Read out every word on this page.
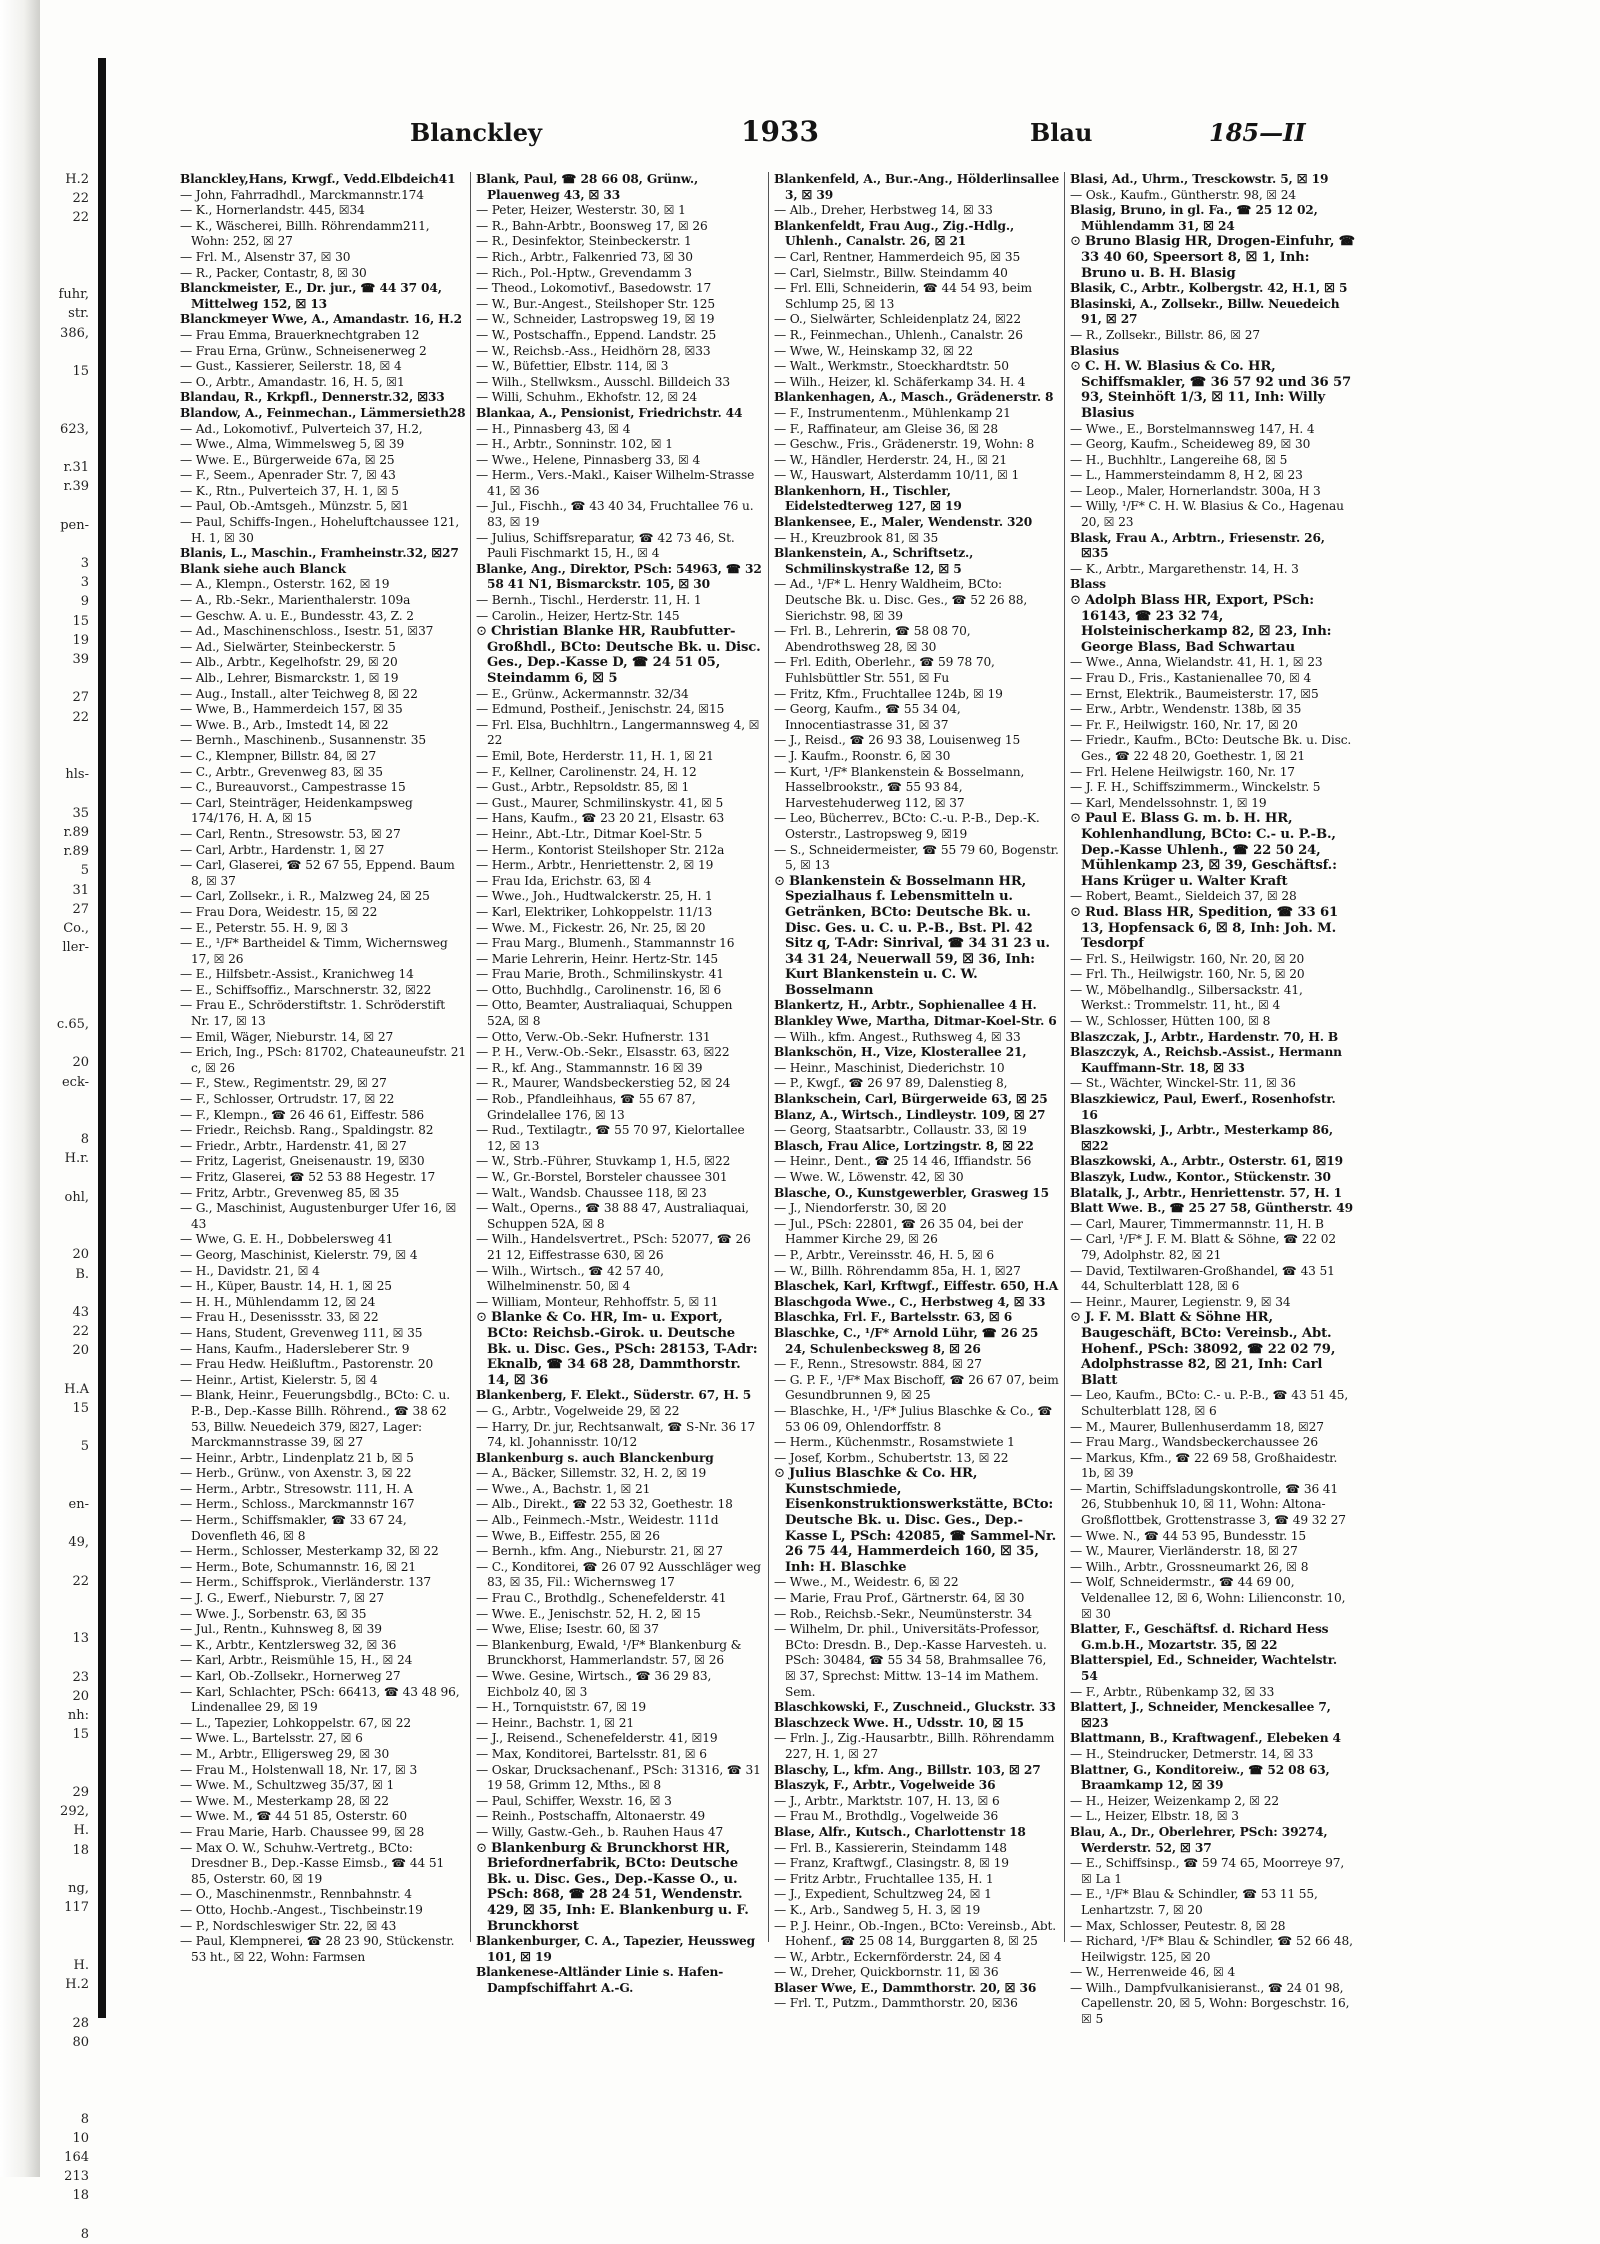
H.2
22
22

fuhr,
str.
386,

15

623,

r.31
r.39

pen-

3
3
9
15
19
39

27
22

hls-

35
r.89
r.89
5
31
27
Co.,
ller-

c.65,

20
eck-

8
H.r.

ohl,

20
B.

43
22
20

H.A
15

5

en-

49,

22

13

23
20
nh:
15

29
292,
H.
18

ng,
117

H.
H.2

28
80

8
10
164
213
18

8
Blanckley	1933	Blau	185—II
Blanckley,Hans, Krwgf., Vedd.Elbdeich41
— John, Fahrradhdl., Marckmannstr.174
— K., Hornerlandstr. 445, ☒34
— K., Wäscherei, Billh. Röhrendamm211, Wohn: 252, ☒ 27
— Frl. M., Alsenstr 37, ☒ 30
— R., Packer, Contastr, 8, ☒ 30
Blanckmeister, E., Dr. jur., ☎ 44 37 04, Mittelweg 152, ☒ 13
Blanckmeyer Wwe, A., Amandastr. 16, H.2
— Frau Emma, Brauerknechtgraben 12
— Frau Erna, Grünw., Schneisenerweg 2
— Gust., Kassierer, Seilerstr. 18, ☒ 4
— O., Arbtr., Amandastr. 16, H. 5, ☒1
Blandau, R., Krkpfl., Dennerstr.32, ☒33
Blandow, A., Feinmechan., Lämmersieth28
— Ad., Lokomotivf., Pulverteich 37, H.2,
— Wwe., Alma, Wimmelsweg 5, ☒ 39
— Wwe. E., Bürgerweide 67a, ☒ 25
— F., Seem., Apenrader Str. 7, ☒ 43
— K., Rtn., Pulverteich 37, H. 1, ☒ 5
— Paul, Ob.-Amtsgeh., Münzstr. 5, ☒1
— Paul, Schiffs-Ingen., Hoheluftchaussee 121, H. 1, ☒ 30
Blanis, L., Maschin., Framheinstr.32, ☒27
Blank siehe auch Blanck
— A., Klempn., Osterstr. 162, ☒ 19
— A., Rb.-Sekr., Marienthalerstr. 109a
— Geschw. A. u. E., Bundesstr. 43, Z. 2
— Ad., Maschinenschloss., Isestr. 51, ☒37
— Ad., Sielwärter, Steinbeckerstr. 5
— Alb., Arbtr., Kegelhofstr. 29, ☒ 20
— Alb., Lehrer, Bismarckstr. 1, ☒ 19
— Aug., Install., alter Teichweg 8, ☒ 22
— Wwe, B., Hammerdeich 157, ☒ 35
— Wwe. B., Arb., Imstedt 14, ☒ 22
— Bernh., Maschinenb., Susannenstr. 35
— C., Klempner, Billstr. 84, ☒ 27
— C., Arbtr., Grevenweg 83, ☒ 35
— C., Bureauvorst., Campestrasse 15
— Carl, Steinträger, Heidenkampsweg 174/176, H. A, ☒ 15
— Carl, Rentn., Stresowstr. 53, ☒ 27
— Carl, Arbtr., Hardenstr. 1, ☒ 27
— Carl, Glaserei, ☎ 52 67 55, Eppend. Baum 8, ☒ 37
— Carl, Zollsekr., i. R., Malzweg 24, ☒ 25
— Frau Dora, Weidestr. 15, ☒ 22
— E., Peterstr. 55. H. 9, ☒ 3
— E., ¹/F* Bartheidel & Timm, Wichernsweg 17, ☒ 26
— E., Hilfsbetr.-Assist., Kranichweg 14
— E., Schiffsoffiz., Marschnerstr. 32, ☒22
— Frau E., Schröderstiftstr. 1. Schröderstift Nr. 17, ☒ 13
— Emil, Wäger, Nieburstr. 14, ☒ 27
— Erich, Ing., PSch: 81702, Chateauneufstr. 21 c, ☒ 26
— F., Stew., Regimentstr. 29, ☒ 27
— F., Schlosser, Ortrudstr. 17, ☒ 22
— F., Klempn., ☎ 26 46 61, Eiffestr. 586
— Friedr., Reichsb. Rang., Spaldingstr. 82
— Friedr., Arbtr., Hardenstr. 41, ☒ 27
— Fritz, Lagerist, Gneisenaustr. 19, ☒30
— Fritz, Glaserei, ☎ 52 53 88 Hegestr. 17
— Fritz, Arbtr., Grevenweg 85, ☒ 35
— G., Maschinist, Augustenburger Ufer 16, ☒ 43
— Wwe, G. E. H., Dobbelersweg 41
— Georg, Maschinist, Kielerstr. 79, ☒ 4
— H., Davidstr. 21, ☒ 4
— H., Küper, Baustr. 14, H. 1, ☒ 25
— H. H., Mühlendamm 12, ☒ 24
— Frau H., Desenissstr. 33, ☒ 22
— Hans, Student, Grevenweg 111, ☒ 35
— Hans, Kaufm., Hadersleberer Str. 9
— Frau Hedw. Heißluftm., Pastorenstr. 20
— Heinr., Artist, Kielerstr. 5, ☒ 4
— Blank, Heinr., Feuerungsbdlg., BCto: C. u. P.-B., Dep.-Kasse Billh. Röhrend., ☎ 38 62 53, Billw. Neuedeich 379, ☒27, Lager: Marckmannstrasse 39, ☒ 27
— Heinr., Arbtr., Lindenplatz 21 b, ☒ 5
— Herb., Grünw., von Axenstr. 3, ☒ 22
— Herm., Arbtr., Stresowstr. 111, H. A
— Herm., Schloss., Marckmannstr 167
— Herm., Schiffsmakler, ☎ 33 67 24, Dovenfleth 46, ☒ 8
— Herm., Schlosser, Mesterkamp 32, ☒ 22
— Herm., Bote, Schumannstr. 16, ☒ 21
— Herm., Schiffsprok., Vierländerstr. 137
— J. G., Ewerf., Nieburstr. 7, ☒ 27
— Wwe. J., Sorbenstr. 63, ☒ 35
— Jul., Rentn., Kuhnsweg 8, ☒ 39
— K., Arbtr., Kentzlersweg 32, ☒ 36
— Karl, Arbtr., Reismühle 15, H., ☒ 24
— Karl, Ob.-Zollsekr., Hornerweg 27
— Karl, Schlachter, PSch: 66413, ☎ 43 48 96, Lindenallee 29, ☒ 19
— L., Tapezier, Lohkoppelstr. 67, ☒ 22
— Wwe. L., Bartelsstr. 27, ☒ 6
— M., Arbtr., Elligersweg 29, ☒ 30
— Frau M., Holstenwall 18, Nr. 17, ☒ 3
— Wwe. M., Schultzweg 35/37, ☒ 1
— Wwe. M., Mesterkamp 28, ☒ 22
— Wwe. M., ☎ 44 51 85, Osterstr. 60
— Frau Marie, Harb. Chaussee 99, ☒ 28
— Max O. W., Schuhw.-Vertretg., BCto: Dresdner B., Dep.-Kasse Eimsb., ☎ 44 51 85, Osterstr. 60, ☒ 19
— O., Maschinenmstr., Rennbahnstr. 4
— Otto, Hochb.-Angest., Tischbeinstr.19
— P., Nordschleswiger Str. 22, ☒ 43
— Paul, Klempnerei, ☎ 28 23 90, Stückenstr. 53 ht., ☒ 22, Wohn: Farmsen
Blank, Paul, ☎ 28 66 08, Grünw., Plauenweg 43, ☒ 33
— Peter, Heizer, Westerstr. 30, ☒ 1
— R., Bahn-Arbtr., Boonsweg 17, ☒ 26
— R., Desinfektor, Steinbeckerstr. 1
— Rich., Arbtr., Falkenried 73, ☒ 30
— Rich., Pol.-Hptw., Grevendamm 3
— Theod., Lokomotivf., Basedowstr. 17
— W., Bur.-Angest., Steilshoper Str. 125
— W., Schneider, Lastropsweg 19, ☒ 19
— W., Postschaffn., Eppend. Landstr. 25
— W., Reichsb.-Ass., Heidhörn 28, ☒33
— W., Büfettier, Elbstr. 114, ☒ 3
— Wilh., Stellwksm., Ausschl. Billdeich 33
— Willi, Schuhm., Ekhofstr. 12, ☒ 24
Blankaa, A., Pensionist, Friedrichstr. 44
— H., Pinnasberg 43, ☒ 4
— H., Arbtr., Sonninstr. 102, ☒ 1
— Wwe., Helene, Pinnasberg 33, ☒ 4
— Herm., Vers.-Makl., Kaiser Wilhelm-Strasse 41, ☒ 36
— Jul., Fischh., ☎ 43 40 34, Fruchtallee 76 u. 83, ☒ 19
— Julius, Schiffsreparatur, ☎ 42 73 46, St. Pauli Fischmarkt 15, H., ☒ 4
Blanke, Ang., Direktor, PSch: 54963, ☎ 32 58 41 N1, Bismarckstr. 105, ☒ 30
— Bernh., Tischl., Herderstr. 11, H. 1
— Carolin., Heizer, Hertz-Str. 145
⊙ Christian Blanke HR, Raubfutter-Großhdl., BCto: Deutsche Bk. u. Disc. Ges., Dep.-Kasse D, ☎ 24 51 05, Steindamm 6, ☒ 5
— E., Grünw., Ackermannstr. 32/34
— Edmund, Postheif., Jenischstr. 24, ☒15
— Frl. Elsa, Buchhltrn., Langermannsweg 4, ☒ 22
— Emil, Bote, Herderstr. 11, H. 1, ☒ 21
— F., Kellner, Carolinenstr. 24, H. 12
— Gust., Arbtr., Repsoldstr. 85, ☒ 1
— Gust., Maurer, Schmilinskystr. 41, ☒ 5
— Hans, Kaufm., ☎ 23 20 21, Elsastr. 63
— Heinr., Abt.-Ltr., Ditmar Koel-Str. 5
— Herm., Kontorist Steilshoper Str. 212a
— Herm., Arbtr., Henriettenstr. 2, ☒ 19
— Frau Ida, Erichstr. 63, ☒ 4
— Wwe., Joh., Hudtwalckerstr. 25, H. 1
— Karl, Elektriker, Lohkoppelstr. 11/13
— Wwe. M., Fickestr. 26, Nr. 25, ☒ 20
— Frau Marg., Blumenh., Stammannstr 16
— Marie Lehrerin, Heinr. Hertz-Str. 145
— Frau Marie, Broth., Schmilinskystr. 41
— Otto, Buchhdlg., Carolinenstr. 16, ☒ 6
— Otto, Beamter, Australiaquai, Schuppen 52A, ☒ 8
— Otto, Verw.-Ob.-Sekr. Hufnerstr. 131
— P. H., Verw.-Ob.-Sekr., Elsasstr. 63, ☒22
— R., kf. Ang., Stammannstr. 16 ☒ 39
— R., Maurer, Wandsbeckerstieg 52, ☒ 24
— Rob., Pfandleihhaus, ☎ 55 67 87, Grindelallee 176, ☒ 13
— Rud., Textilagtr., ☎ 55 70 97, Kielortallee 12, ☒ 13
— W., Strb.-Führer, Stuvkamp 1, H.5, ☒22
— W., Gr.-Borstel, Borsteler chaussee 301
— Walt., Wandsb. Chaussee 118, ☒ 23
— Walt., Operns., ☎ 38 88 47, Australiaquai, Schuppen 52A, ☒ 8
— Wilh., Handelsvertret., PSch: 52077, ☎ 26 21 12, Eiffestrasse 630, ☒ 26
— Wilh., Wirtsch., ☎ 42 57 40, Wilhelminenstr. 50, ☒ 4
— William, Monteur, Rehhoffstr. 5, ☒ 11
⊙ Blanke & Co. HR, Im- u. Export, BCto: Reichsb.-Girok. u. Deutsche Bk. u. Disc. Ges., PSch: 28153, T-Adr: Eknalb, ☎ 34 68 28, Dammthorstr. 14, ☒ 36
Blankenberg, F. Elekt., Süderstr. 67, H. 5
— G., Arbtr., Vogelweide 29, ☒ 22
— Harry, Dr. jur, Rechtsanwalt, ☎ S-Nr. 36 17 74, kl. Johannisstr. 10/12
Blankenburg s. auch Blanckenburg
— A., Bäcker, Sillemstr. 32, H. 2, ☒ 19
— Wwe., A., Bachstr. 1, ☒ 21
— Alb., Direkt., ☎ 22 53 32, Goethestr. 18
— Alb., Feinmech.-Mstr., Weidestr. 111d
— Wwe, B., Eiffestr. 255, ☒ 26
— Bernh., kfm. Ang., Nieburstr. 21, ☒ 27
— C., Konditorei, ☎ 26 07 92 Ausschläger weg 83, ☒ 35, Fil.: Wichernsweg 17
— Frau C., Brothdlg., Schenefelderstr. 41
— Wwe. E., Jenischstr. 52, H. 2, ☒ 15
— Wwe, Elise; Isestr. 60, ☒ 37
— Blankenburg, Ewald, ¹/F* Blankenburg & Brunckhorst, Hammerlandstr. 57, ☒ 26
— Wwe. Gesine, Wirtsch., ☎ 36 29 83, Eichbolz 40, ☒ 3
— H., Tornquiststr. 67, ☒ 19
— Heinr., Bachstr. 1, ☒ 21
— J., Reisend., Schenefelderstr. 41, ☒19
— Max, Konditorei, Bartelsstr. 81, ☒ 6
— Oskar, Drucksachenanf., PSch: 31316, ☎ 31 19 58, Grimm 12, Mths., ☒ 8
— Paul, Schiffer, Wexstr. 16, ☒ 3
— Reinh., Postschaffn, Altonaerstr. 49
— Willy, Gastw.-Geh., b. Rauhen Haus 47
⊙ Blankenburg & Brunckhorst HR, Briefordnerfabrik, BCto: Deutsche Bk. u. Disc. Ges., Dep.-Kasse O., u. PSch: 868, ☎ 28 24 51, Wendenstr. 429, ☒ 35, Inh: E. Blankenburg u. F. Brunckhorst
Blankenburger, C. A., Tapezier, Heussweg 101, ☒ 19
Blankenese-Altländer Linie s. Hafen-Dampfschiffahrt A.-G.
Blankenfeld, A., Bur.-Ang., Hölderlinsallee 3, ☒ 39
— Alb., Dreher, Herbstweg 14, ☒ 33
Blankenfeldt, Frau Aug., Zig.-Hdlg., Uhlenh., Canalstr. 26, ☒ 21
— Carl, Rentner, Hammerdeich 95, ☒ 35
— Carl, Sielmstr., Billw. Steindamm 40
— Frl. Elli, Schneiderin, ☎ 44 54 93, beim Schlump 25, ☒ 13
— O., Sielwärter, Schleidenplatz 24, ☒22
— R., Feinmechan., Uhlenh., Canalstr. 26
— Wwe, W., Heinskamp 32, ☒ 22
— Walt., Werkmstr., Stoeckhardtstr. 50
— Wilh., Heizer, kl. Schäferkamp 34. H. 4
Blankenhagen, A., Masch., Grädenerstr. 8
— F., Instrumentenm., Mühlenkamp 21
— F., Raffinateur, am Gleise 36, ☒ 28
— Geschw., Fris., Grädenerstr. 19, Wohn: 8
— W., Händler, Herderstr. 24, H., ☒ 21
— W., Hauswart, Alsterdamm 10/11, ☒ 1
Blankenhorn, H., Tischler, Eidelstedterweg 127, ☒ 19
Blankensee, E., Maler, Wendenstr. 320
— H., Kreuzbrook 81, ☒ 35
Blankenstein, A., Schriftsetz., Schmilinskystraße 12, ☒ 5
— Ad., ¹/F* L. Henry Waldheim, BCto: Deutsche Bk. u. Disc. Ges., ☎ 52 26 88, Sierichstr. 98, ☒ 39
— Frl. B., Lehrerin, ☎ 58 08 70, Abendrothsweg 28, ☒ 30
— Frl. Edith, Oberlehr., ☎ 59 78 70, Fuhlsbüttler Str. 551, ☒ Fu
— Fritz, Kfm., Fruchtallee 124b, ☒ 19
— Georg, Kaufm., ☎ 55 34 04, Innocentiastrasse 31, ☒ 37
— J., Reisd., ☎ 26 93 38, Louisenweg 15
— J. Kaufm., Roonstr. 6, ☒ 30
— Kurt, ¹/F* Blankenstein & Bosselmann, Hasselbrookstr., ☎ 55 93 84, Harvestehuderweg 112, ☒ 37
— Leo, Bücherrev., BCto: C.-u. P.-B., Dep.-K. Osterstr., Lastropsweg 9, ☒19
— S., Schneidermeister, ☎ 55 79 60, Bogenstr. 5, ☒ 13
⊙ Blankenstein & Bosselmann HR, Spezialhaus f. Lebensmitteln u. Getränken, BCto: Deutsche Bk. u. Disc. Ges. u. C. u. P.-B., Bst. Pl. 42 Sitz q, T-Adr: Sinrival, ☎ 34 31 23 u. 34 31 24, Neuerwall 59, ☒ 36, Inh: Kurt Blankenstein u. C. W. Bosselmann
Blankertz, H., Arbtr., Sophienallee 4 H.
Blankley Wwe, Martha, Ditmar-Koel-Str. 6
— Wilh., kfm. Angest., Ruthsweg 4, ☒ 33
Blankschön, H., Vize, Klosterallee 21,
— Heinr., Maschinist, Diederichstr. 10
— P., Kwgf., ☎ 26 97 89, Dalenstieg 8,
Blankschein, Carl, Bürgerweide 63, ☒ 25
Blanz, A., Wirtsch., Lindleystr. 109, ☒ 27
— Georg, Staatsarbtr., Collaustr. 33, ☒ 19
Blasch, Frau Alice, Lortzingstr. 8, ☒ 22
— Heinr., Dent., ☎ 25 14 46, Iffiandstr. 56
— Wwe. W., Löwenstr. 42, ☒ 30
Blasche, O., Kunstgewerbler, Grasweg 15
— J., Niendorferstr. 30, ☒ 20
— Jul., PSch: 22801, ☎ 26 35 04, bei der Hammer Kirche 29, ☒ 26
— P., Arbtr., Vereinsstr. 46, H. 5, ☒ 6
— W., Billh. Röhrendamm 85a, H. 1, ☒27
Blaschek, Karl, Krftwgf., Eiffestr. 650, H.A
Blaschgoda Wwe., C., Herbstweg 4, ☒ 33
Blaschka, Frl. F., Bartelsstr. 63, ☒ 6
Blaschke, C., ¹/F* Arnold Lühr, ☎ 26 25 24, Schulenbecksweg 8, ☒ 26
— F., Renn., Stresowstr. 884, ☒ 27
— G. P. F., ¹/F* Max Bischoff, ☎ 26 67 07, beim Gesundbrunnen 9, ☒ 25
— Blaschke, H., ¹/F* Julius Blaschke & Co., ☎ 53 06 09, Ohlendorffstr. 8
— Herm., Küchenmstr., Rosamstwiete 1
— Josef, Korbm., Schubertstr. 13, ☒ 22
⊙ Julius Blaschke & Co. HR, Kunstschmiede, Eisenkonstruktionswerkstätte, BCto: Deutsche Bk. u. Disc. Ges., Dep.-Kasse L, PSch: 42085, ☎ Sammel-Nr. 26 75 44, Hammerdeich 160, ☒ 35, Inh: H. Blaschke
— Wwe., M., Weidestr. 6, ☒ 22
— Marie, Frau Prof., Gärtnerstr. 64, ☒ 30
— Rob., Reichsb.-Sekr., Neumünsterstr. 34
— Wilhelm, Dr. phil., Universitäts-Professor, BCto: Dresdn. B., Dep.-Kasse Harvesteh. u. PSch: 30484, ☎ 55 34 58, Brahmsallee 76, ☒ 37, Sprechst: Mittw. 13–14 im Mathem. Sem.
Blaschkowski, F., Zuschneid., Gluckstr. 33
Blaschzeck Wwe. H., Udsstr. 10, ☒ 15
— Frln. J., Zig.-Hausarbtr., Billh. Röhrendamm 227, H. 1, ☒ 27
Blaschy, L., kfm. Ang., Billstr. 103, ☒ 27
Blaszyk, F., Arbtr., Vogelweide 36
— J., Arbtr., Marktstr. 107, H. 13, ☒ 6
— Frau M., Brothdlg., Vogelweide 36
Blase, Alfr., Kutsch., Charlottenstr 18
— Frl. B., Kassiererin, Steindamm 148
— Franz, Kraftwgf., Clasingstr. 8, ☒ 19
— Fritz Arbtr., Fruchtallee 135, H. 1
— J., Expedient, Schultzweg 24, ☒ 1
— K., Arb., Sandweg 5, H. 3, ☒ 19
— P. J. Heinr., Ob.-Ingen., BCto: Vereinsb., Abt. Hohenf., ☎ 25 08 14, Burggarten 8, ☒ 25
— W., Arbtr., Eckernförderstr. 24, ☒ 4
— W., Dreher, Quickbornstr. 11, ☒ 36
Blaser Wwe, E., Dammthorstr. 20, ☒ 36
— Frl. T., Putzm., Dammthorstr. 20, ☒36
Blasi, Ad., Uhrm., Tresckowstr. 5, ☒ 19
— Osk., Kaufm., Güntherstr. 98, ☒ 24
Blasig, Bruno, in gl. Fa., ☎ 25 12 02, Mühlendamm 31, ☒ 24
⊙ Bruno Blasig HR, Drogen-Einfuhr, ☎ 33 40 60, Speersort 8, ☒ 1, Inh: Bruno u. B. H. Blasig
Blasik, C., Arbtr., Kolbergstr. 42, H.1, ☒ 5
Blasinski, A., Zollsekr., Billw. Neuedeich 91, ☒ 27
— R., Zollsekr., Billstr. 86, ☒ 27
Blasius
⊙ C. H. W. Blasius & Co. HR, Schiffsmakler, ☎ 36 57 92 und 36 57 93, Steinhöft 1/3, ☒ 11, Inh: Willy Blasius
— Wwe., E., Borstelmannsweg 147, H. 4
— Georg, Kaufm., Scheideweg 89, ☒ 30
— H., Buchhltr., Langereihe 68, ☒ 5
— L., Hammersteindamm 8, H 2, ☒ 23
— Leop., Maler, Hornerlandstr. 300a, H 3
— Willy, ¹/F* C. H. W. Blasius & Co., Hagenau 20, ☒ 23
Blask, Frau A., Arbtrn., Friesenstr. 26, ☒35
— K., Arbtr., Margarethenstr. 14, H. 3
Blass
⊙ Adolph Blass HR, Export, PSch: 16143, ☎ 23 32 74, Holsteinischerkamp 82, ☒ 23, Inh: George Blass, Bad Schwartau
— Wwe., Anna, Wielandstr. 41, H. 1, ☒ 23
— Frau D., Fris., Kastanienallee 70, ☒ 4
— Ernst, Elektrik., Baumeisterstr. 17, ☒5
— Erw., Arbtr., Wendenstr. 138b, ☒ 35
— Fr. F., Heilwigstr. 160, Nr. 17, ☒ 20
— Friedr., Kaufm., BCto: Deutsche Bk. u. Disc. Ges., ☎ 22 48 20, Goethestr. 1, ☒ 21
— Frl. Helene Heilwigstr. 160, Nr. 17
— J. F. H., Schiffszimmerm., Winckelstr. 5
— Karl, Mendelssohnstr. 1, ☒ 19
⊙ Paul E. Blass G. m. b. H. HR, Kohlenhandlung, BCto: C.- u. P.-B., Dep.-Kasse Uhlenh., ☎ 22 50 24, Mühlenkamp 23, ☒ 39, Geschäftsf.: Hans Krüger u. Walter Kraft
— Robert, Beamt., Sieldeich 37, ☒ 28
⊙ Rud. Blass HR, Spedition, ☎ 33 61 13, Hopfensack 6, ☒ 8, Inh: Joh. M. Tesdorpf
— Frl. S., Heilwigstr. 160, Nr. 20, ☒ 20
— Frl. Th., Heilwigstr. 160, Nr. 5, ☒ 20
— W., Möbelhandlg., Silbersackstr. 41, Werkst.: Trommelstr. 11, ht., ☒ 4
— W., Schlosser, Hütten 100, ☒ 8
Blaszczak, J., Arbtr., Hardenstr. 70, H. B
Blaszczyk, A., Reichsb.-Assist., Hermann Kauffmann-Str. 18, ☒ 33
— St., Wächter, Winckel-Str. 11, ☒ 36
Blaszkiewicz, Paul, Ewerf., Rosenhofstr. 16
Blaszkowski, J., Arbtr., Mesterkamp 86, ☒22
Blaszkowski, A., Arbtr., Osterstr. 61, ☒19
Blaszyk, Ludw., Kontor., Stückenstr. 30
Blatalk, J., Arbtr., Henriettenstr. 57, H. 1
Blatt Wwe. B., ☎ 25 27 58, Güntherstr. 49
— Carl, Maurer, Timmermannstr. 11, H. B
— Carl, ¹/F* J. F. M. Blatt & Söhne, ☎ 22 02 79, Adolphstr. 82, ☒ 21
— David, Textilwaren-Großhandel, ☎ 43 51 44, Schulterblatt 128, ☒ 6
— Heinr., Maurer, Legienstr. 9, ☒ 34
⊙ J. F. M. Blatt & Söhne HR, Baugeschäft, BCto: Vereinsb., Abt. Hohenf., PSch: 38092, ☎ 22 02 79, Adolphstrasse 82, ☒ 21, Inh: Carl Blatt
— Leo, Kaufm., BCto: C.- u. P.-B., ☎ 43 51 45, Schulterblatt 128, ☒ 6
— M., Maurer, Bullenhuserdamm 18, ☒27
— Frau Marg., Wandsbeckerchaussee 26
— Markus, Kfm., ☎ 22 69 58, Großhaidestr. 1b, ☒ 39
— Martin, Schiffsladungskontrolle, ☎ 36 41 26, Stubbenhuk 10, ☒ 11, Wohn: Altona-Großflottbek, Grottenstrasse 3, ☎ 49 32 27
— Wwe. N., ☎ 44 53 95, Bundesstr. 15
— W., Maurer, Vierländerstr. 18, ☒ 27
— Wilh., Arbtr., Grossneumarkt 26, ☒ 8
— Wolf, Schneidermstr., ☎ 44 69 00, Veldenallee 12, ☒ 6, Wohn: Lilienconstr. 10, ☒ 30
Blatter, F., Geschäftsf. d. Richard Hess G.m.b.H., Mozartstr. 35, ☒ 22
Blatterspiel, Ed., Schneider, Wachtelstr. 54
— F., Arbtr., Rübenkamp 32, ☒ 33
Blattert, J., Schneider, Menckesallee 7, ☒23
Blattmann, B., Kraftwagenf., Elebeken 4
— H., Steindrucker, Detmerstr. 14, ☒ 33
Blattner, G., Konditoreiw., ☎ 52 08 63, Braamkamp 12, ☒ 39
— H., Heizer, Weizenkamp 2, ☒ 22
— L., Heizer, Elbstr. 18, ☒ 3
Blau, A., Dr., Oberlehrer, PSch: 39274, Werderstr. 52, ☒ 37
— E., Schiffsinsp., ☎ 59 74 65, Moorreye 97, ☒ La 1
— E., ¹/F* Blau & Schindler, ☎ 53 11 55, Lenhartzstr. 7, ☒ 20
— Max, Schlosser, Peutestr. 8, ☒ 28
— Richard, ¹/F* Blau & Schindler, ☎ 52 66 48, Heilwigstr. 125, ☒ 20
— W., Herrenweide 46, ☒ 4
— Wilh., Dampfvulkanisieranst., ☎ 24 01 98, Capellenstr. 20, ☒ 5, Wohn: Borgeschstr. 16, ☒ 5
